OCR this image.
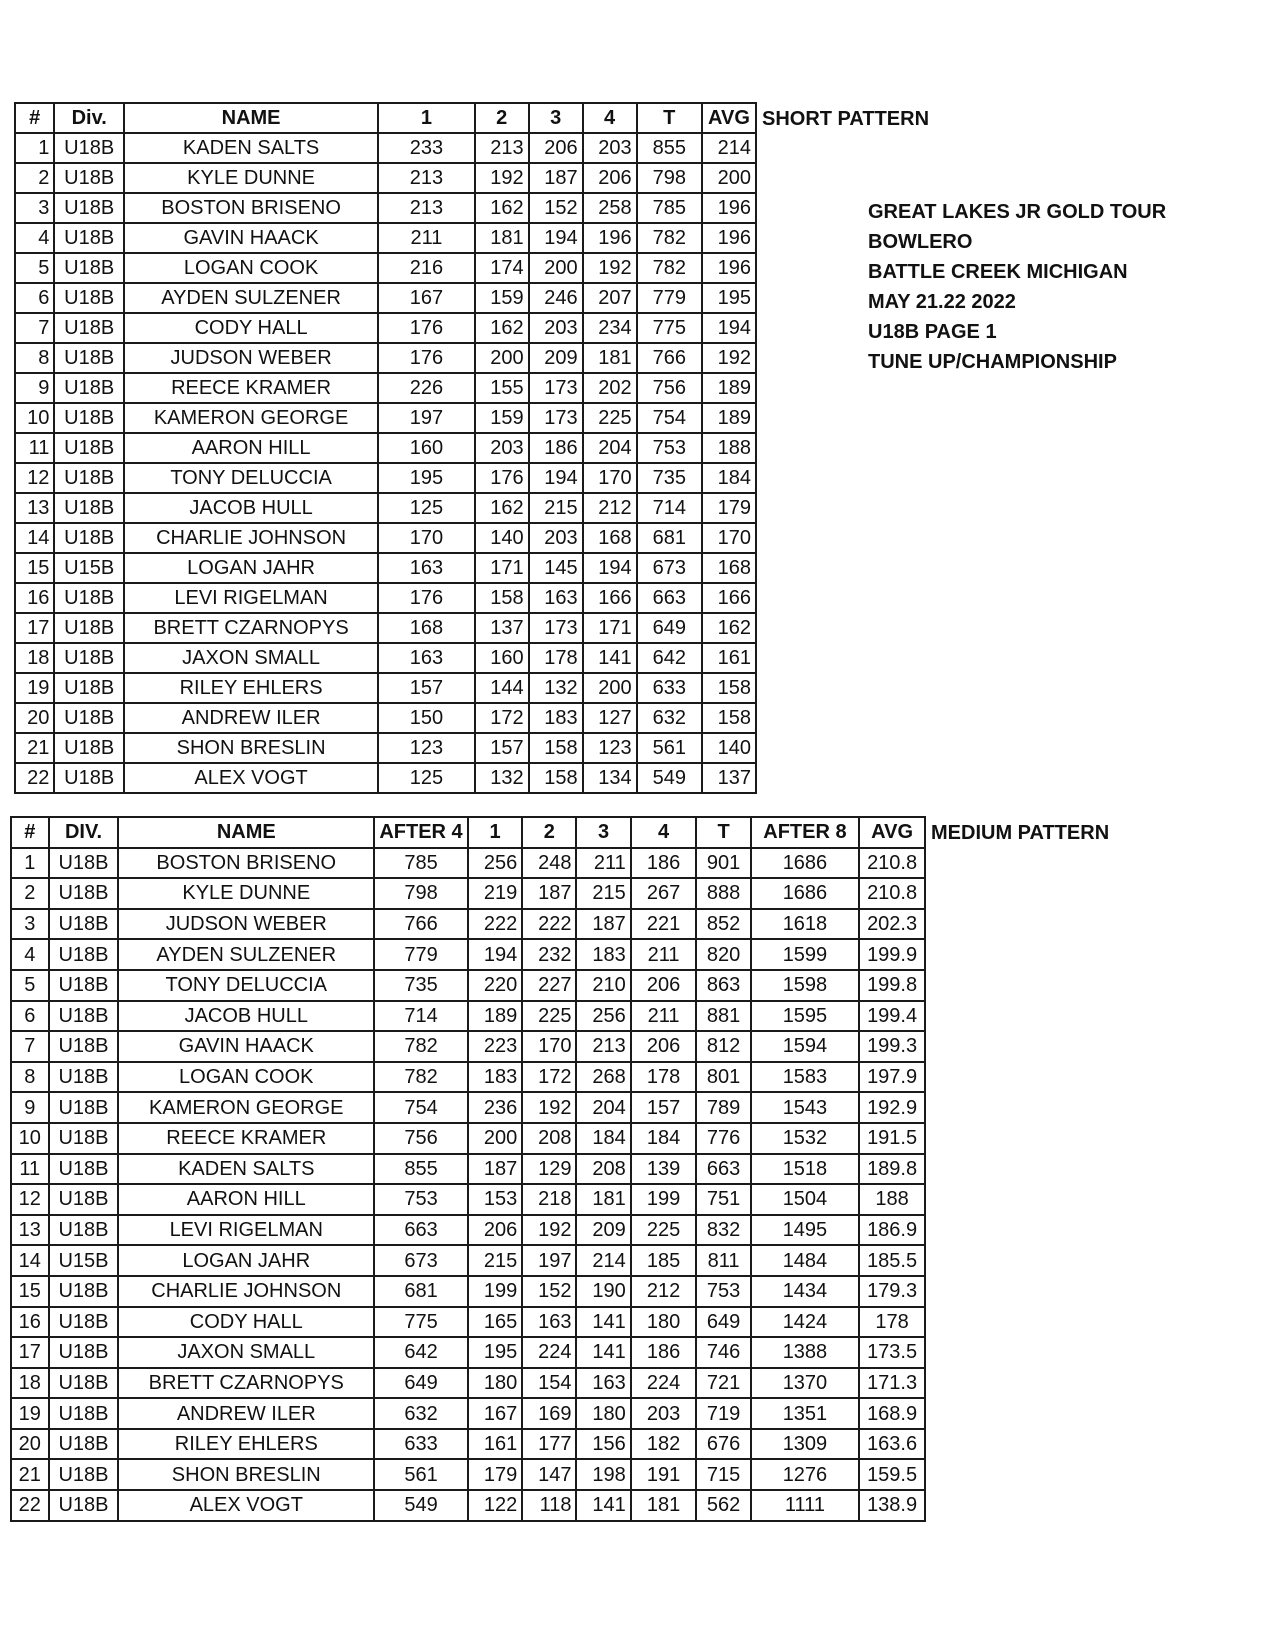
#	Div.	NAME	1	2	3	4	T	AVG
1	U18B	KADEN SALTS	233	213	206	203	855	214
2	U18B	KYLE DUNNE	213	192	187	206	798	200
3	U18B	BOSTON BRISENO	213	162	152	258	785	196
4	U18B	GAVIN HAACK	211	181	194	196	782	196
5	U18B	LOGAN COOK	216	174	200	192	782	196
6	U18B	AYDEN SULZENER	167	159	246	207	779	195
7	U18B	CODY HALL	176	162	203	234	775	194
8	U18B	JUDSON WEBER	176	200	209	181	766	192
9	U18B	REECE KRAMER	226	155	173	202	756	189
10	U18B	KAMERON GEORGE	197	159	173	225	754	189
11	U18B	AARON HILL	160	203	186	204	753	188
12	U18B	TONY DELUCCIA	195	176	194	170	735	184
13	U18B	JACOB HULL	125	162	215	212	714	179
14	U18B	CHARLIE JOHNSON	170	140	203	168	681	170
15	U15B	LOGAN JAHR	163	171	145	194	673	168
16	U18B	LEVI RIGELMAN	176	158	163	166	663	166
17	U18B	BRETT CZARNOPYS	168	137	173	171	649	162
18	U18B	JAXON SMALL	163	160	178	141	642	161
19	U18B	RILEY EHLERS	157	144	132	200	633	158
20	U18B	ANDREW ILER	150	172	183	127	632	158
21	U18B	SHON BRESLIN	123	157	158	123	561	140
22	U18B	ALEX VOGT	125	132	158	134	549	137
SHORT PATTERN
GREAT LAKES JR GOLD TOUR
BOWLERO
BATTLE CREEK MICHIGAN
MAY 21.22 2022
U18B PAGE 1
TUNE UP/CHAMPIONSHIP
#	DIV.	NAME	AFTER 4	1	2	3	4	T	AFTER 8	AVG
1	U18B	BOSTON BRISENO	785	256	248	211	186	901	1686	210.8
2	U18B	KYLE DUNNE	798	219	187	215	267	888	1686	210.8
3	U18B	JUDSON WEBER	766	222	222	187	221	852	1618	202.3
4	U18B	AYDEN SULZENER	779	194	232	183	211	820	1599	199.9
5	U18B	TONY DELUCCIA	735	220	227	210	206	863	1598	199.8
6	U18B	JACOB HULL	714	189	225	256	211	881	1595	199.4
7	U18B	GAVIN HAACK	782	223	170	213	206	812	1594	199.3
8	U18B	LOGAN COOK	782	183	172	268	178	801	1583	197.9
9	U18B	KAMERON GEORGE	754	236	192	204	157	789	1543	192.9
10	U18B	REECE KRAMER	756	200	208	184	184	776	1532	191.5
11	U18B	KADEN SALTS	855	187	129	208	139	663	1518	189.8
12	U18B	AARON HILL	753	153	218	181	199	751	1504	188
13	U18B	LEVI RIGELMAN	663	206	192	209	225	832	1495	186.9
14	U15B	LOGAN JAHR	673	215	197	214	185	811	1484	185.5
15	U18B	CHARLIE JOHNSON	681	199	152	190	212	753	1434	179.3
16	U18B	CODY HALL	775	165	163	141	180	649	1424	178
17	U18B	JAXON SMALL	642	195	224	141	186	746	1388	173.5
18	U18B	BRETT CZARNOPYS	649	180	154	163	224	721	1370	171.3
19	U18B	ANDREW ILER	632	167	169	180	203	719	1351	168.9
20	U18B	RILEY EHLERS	633	161	177	156	182	676	1309	163.6
21	U18B	SHON BRESLIN	561	179	147	198	191	715	1276	159.5
22	U18B	ALEX VOGT	549	122	118	141	181	562	1111	138.9
MEDIUM PATTERN
